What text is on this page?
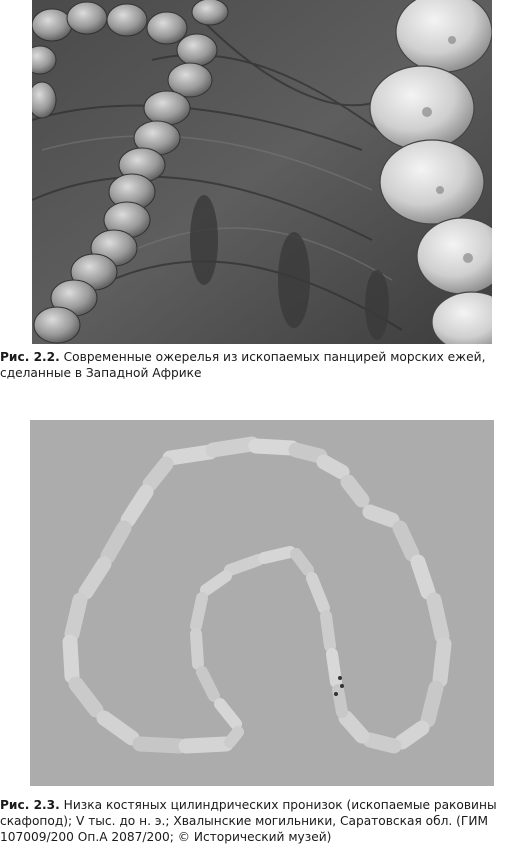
Рис. 2.2. Современные ожерелья из ископаемых панцирей морских ежей, сделанные в Западной Африке

Рис. 2.3. Низка костяных цилиндрических пронизок (ископаемые раковины скафопод); V тыс. до н. э.; Хвалынские могильники, Саратовская обл. (ГИМ 107009/200 Оп.А 2087/200; © Исторический музей)
